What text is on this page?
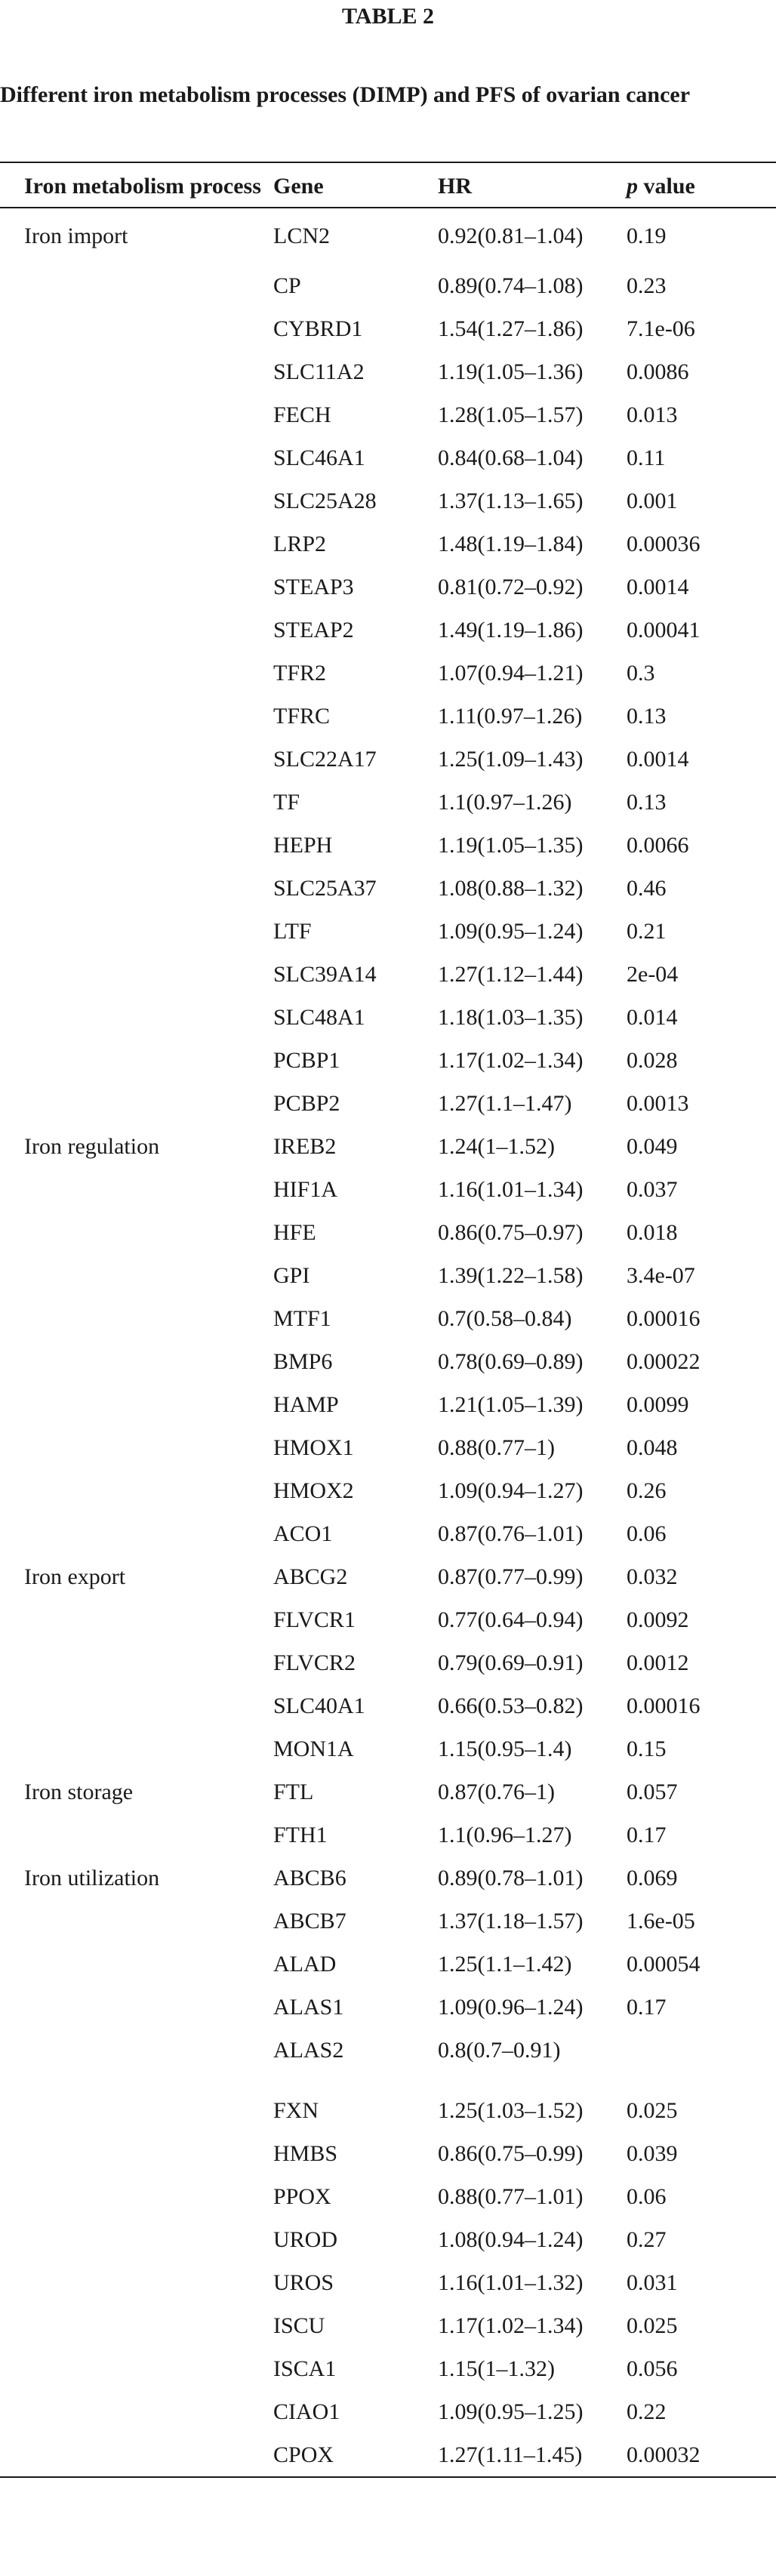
TABLE 2
Different iron metabolism processes (DIMP) and PFS of ovarian cancer
Iron metabolism process	Gene	HR	p value
Iron import	LCN2	0.92(0.81–1.04)	0.19
	CP	0.89(0.74–1.08)	0.23
	CYBRD1	1.54(1.27–1.86)	7.1e-06
	SLC11A2	1.19(1.05–1.36)	0.0086
	FECH	1.28(1.05–1.57)	0.013
	SLC46A1	0.84(0.68–1.04)	0.11
	SLC25A28	1.37(1.13–1.65)	0.001
	LRP2	1.48(1.19–1.84)	0.00036
	STEAP3	0.81(0.72–0.92)	0.0014
	STEAP2	1.49(1.19–1.86)	0.00041
	TFR2	1.07(0.94–1.21)	0.3
	TFRC	1.11(0.97–1.26)	0.13
	SLC22A17	1.25(1.09–1.43)	0.0014
	TF	1.1(0.97–1.26)	0.13
	HEPH	1.19(1.05–1.35)	0.0066
	SLC25A37	1.08(0.88–1.32)	0.46
	LTF	1.09(0.95–1.24)	0.21
	SLC39A14	1.27(1.12–1.44)	2e-04
	SLC48A1	1.18(1.03–1.35)	0.014
	PCBP1	1.17(1.02–1.34)	0.028
	PCBP2	1.27(1.1–1.47)	0.0013
Iron regulation	IREB2	1.24(1–1.52)	0.049
	HIF1A	1.16(1.01–1.34)	0.037
	HFE	0.86(0.75–0.97)	0.018
	GPI	1.39(1.22–1.58)	3.4e-07
	MTF1	0.7(0.58–0.84)	0.00016
	BMP6	0.78(0.69–0.89)	0.00022
	HAMP	1.21(1.05–1.39)	0.0099
	HMOX1	0.88(0.77–1)	0.048
	HMOX2	1.09(0.94–1.27)	0.26
	ACO1	0.87(0.76–1.01)	0.06
Iron export	ABCG2	0.87(0.77–0.99)	0.032
	FLVCR1	0.77(0.64–0.94)	0.0092
	FLVCR2	0.79(0.69–0.91)	0.0012
	SLC40A1	0.66(0.53–0.82)	0.00016
	MON1A	1.15(0.95–1.4)	0.15
Iron storage	FTL	0.87(0.76–1)	0.057
	FTH1	1.1(0.96–1.27)	0.17
Iron utilization	ABCB6	0.89(0.78–1.01)	0.069
	ABCB7	1.37(1.18–1.57)	1.6e-05
	ALAD	1.25(1.1–1.42)	0.00054
	ALAS1	1.09(0.96–1.24)	0.17
	ALAS2	0.8(0.7–0.91)	
	FXN	1.25(1.03–1.52)	0.025
	HMBS	0.86(0.75–0.99)	0.039
	PPOX	0.88(0.77–1.01)	0.06
	UROD	1.08(0.94–1.24)	0.27
	UROS	1.16(1.01–1.32)	0.031
	ISCU	1.17(1.02–1.34)	0.025
	ISCA1	1.15(1–1.32)	0.056
	CIAO1	1.09(0.95–1.25)	0.22
	CPOX	1.27(1.11–1.45)	0.00032
